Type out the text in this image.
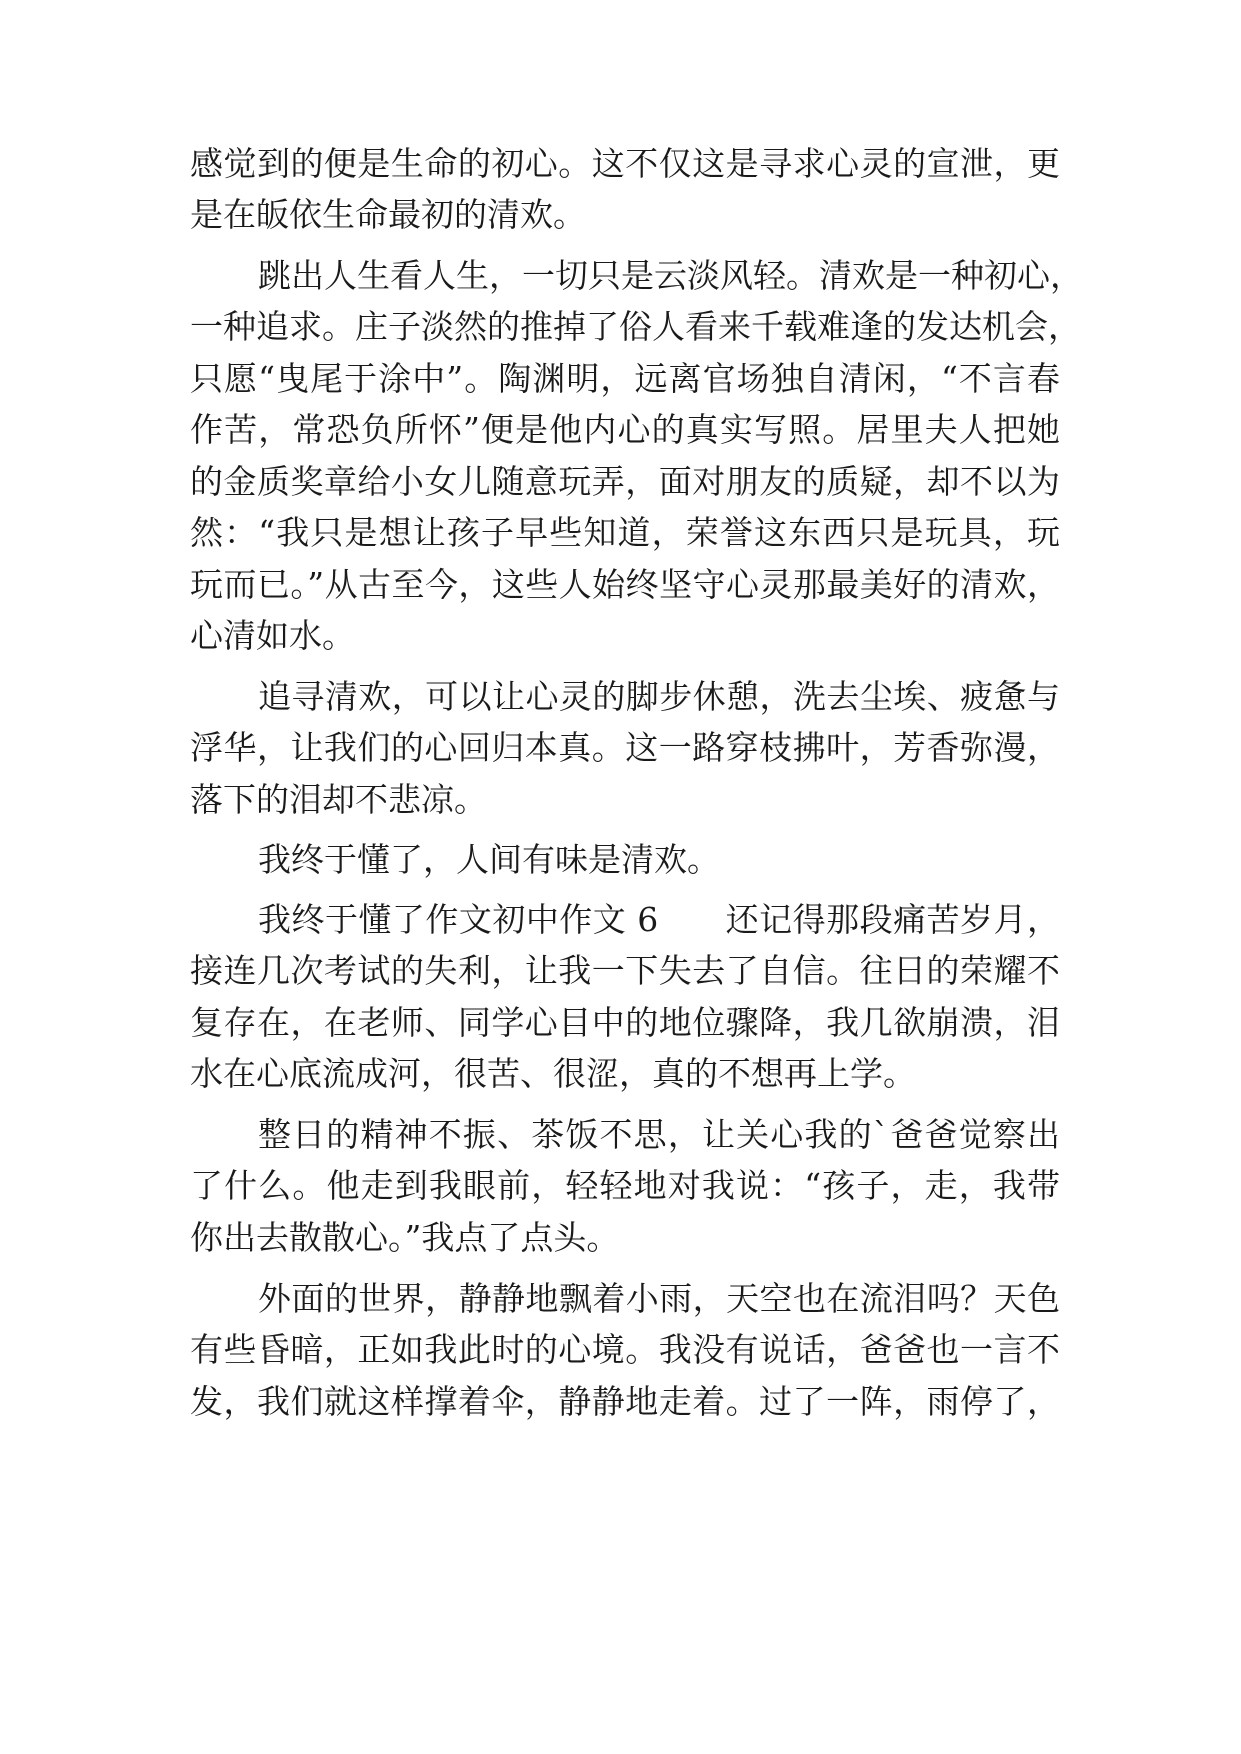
感觉到的便是生命的初心。这不仅这是寻求心灵的宣泄，更
是在皈依生命最初的清欢。
跳出人生看人生，一切只是云淡风轻。清欢是一种初心，
一种追求。庄子淡然的推掉了俗人看来千载难逢的发达机会，
只愿“曳尾于涂中”。陶渊明，远离官场独自清闲，“不言春
作苦，常恐负所怀”便是他内心的真实写照。居里夫人把她
的金质奖章给小女儿随意玩弄，面对朋友的质疑，却不以为
然：“我只是想让孩子早些知道，荣誉这东西只是玩具，玩
玩而已。”从古至今，这些人始终坚守心灵那最美好的清欢，
心清如水。
追寻清欢，可以让心灵的脚步休憩，洗去尘埃、疲惫与
浮华，让我们的心回归本真。这一路穿枝拂叶，芳香弥漫，
落下的泪却不悲凉。
我终于懂了，人间有味是清欢。
我终于懂了作文初中作文 6　　还记得那段痛苦岁月，
接连几次考试的失利，让我一下失去了自信。往日的荣耀不
复存在，在老师、同学心目中的地位骤降，我几欲崩溃，泪
水在心底流成河，很苦、很涩，真的不想再上学。
整日的精神不振、茶饭不思，让关心我的`爸爸觉察出
了什么。他走到我眼前，轻轻地对我说：“孩子，走，我带
你出去散散心。”我点了点头。
外面的世界，静静地飘着小雨，天空也在流泪吗？天色
有些昏暗，正如我此时的心境。我没有说话，爸爸也一言不
发，我们就这样撑着伞，静静地走着。过了一阵，雨停了，
